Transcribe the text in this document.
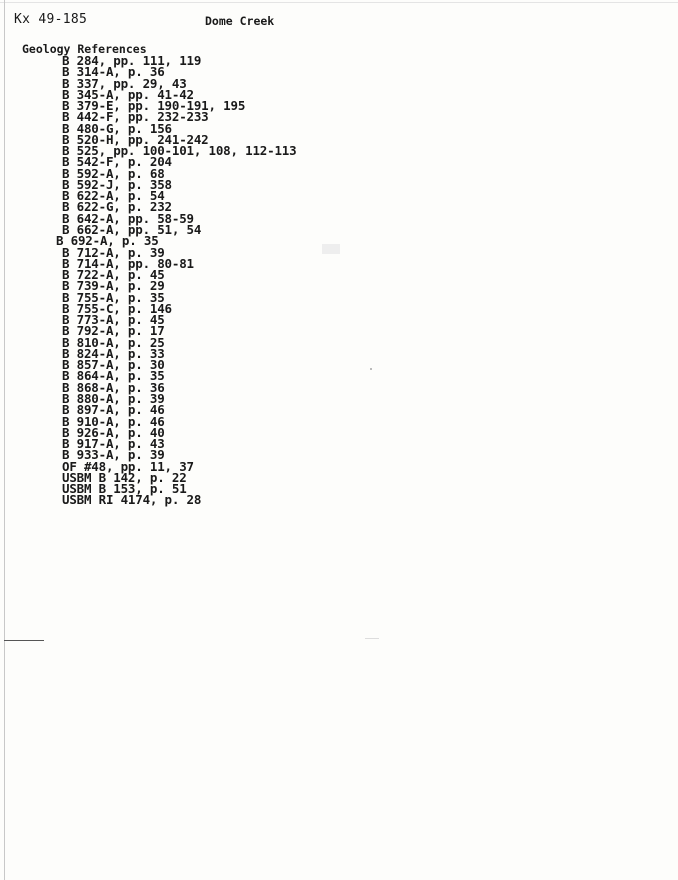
Kx 49-185	Dome Creek
Geology References
B 284, pp. 111, 119
B 314-A, p. 36
B 337, pp. 29, 43
B 345-A, pp. 41-42
B 379-E, pp. 190-191, 195
B 442-F, pp. 232-233
B 480-G, p. 156
B 520-H, pp. 241-242
B 525, pp. 100-101, 108, 112-113
B 542-F, p. 204
B 592-A, p. 68
B 592-J, p. 358
B 622-A, p. 54
B 622-G, p. 232
B 642-A, pp. 58-59
B 662-A, pp. 51, 54
B 692-A, p. 35
B 712-A, p. 39
B 714-A, pp. 80-81
B 722-A, p. 45
B 739-A, p. 29
B 755-A, p. 35
B 755-C, p. 146
B 773-A, p. 45
B 792-A, p. 17
B 810-A, p. 25
B 824-A, p. 33
B 857-A, p. 30
B 864-A, p. 35
B 868-A, p. 36
B 880-A, p. 39
B 897-A, p. 46
B 910-A, p. 46
B 926-A, p. 40
B 917-A, p. 43
B 933-A, p. 39
OF #48, pp. 11, 37
USBM B 142, p. 22
USBM B 153, p. 51
USBM RI 4174, p. 28
